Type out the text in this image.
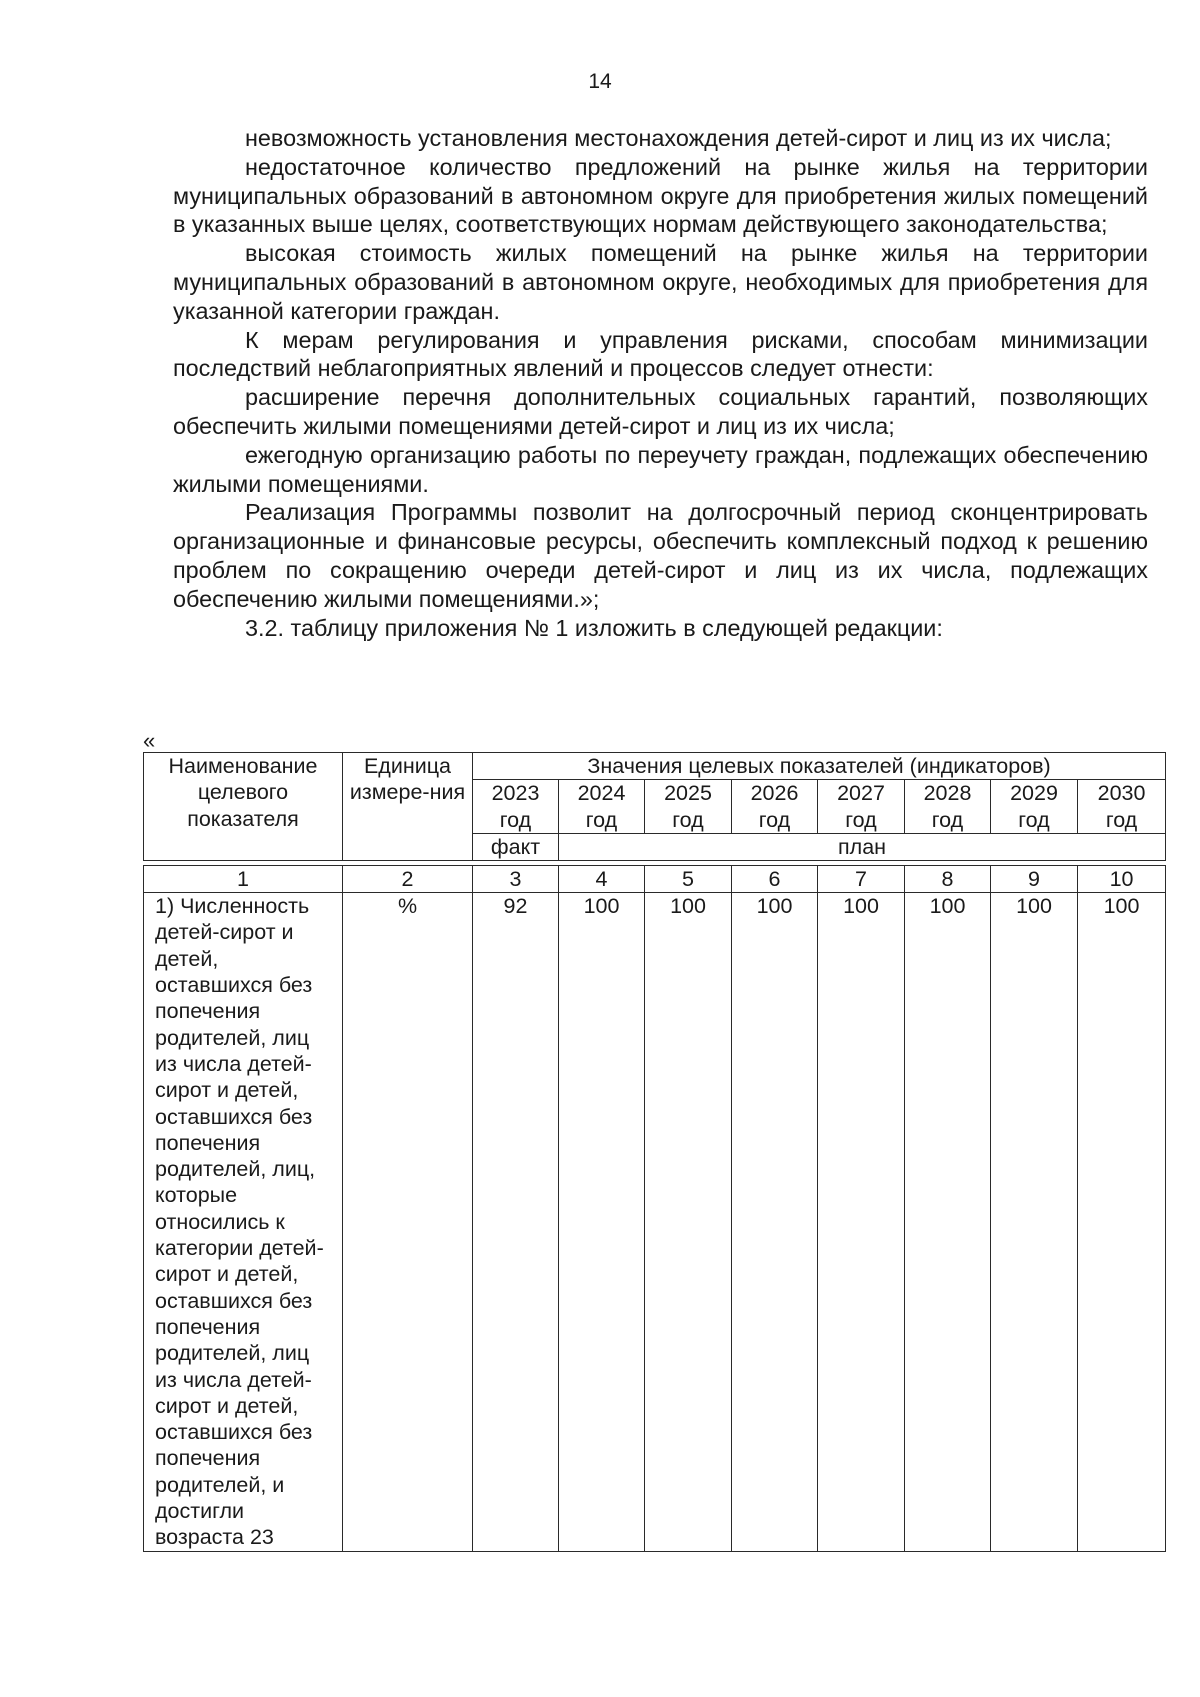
14

невозможность установления местонахождения детей-сирот и лиц из их числа;

недостаточное количество предложений на рынке жилья на территории муниципальных образований в автономном округе для приобретения жилых помещений в указанных выше целях, соответствующих нормам действующего законодательства;

высокая стоимость жилых помещений на рынке жилья на территории муниципальных образований в автономном округе, необходимых для приобретения для указанной категории граждан.

К мерам регулирования и управления рисками, способам минимизации последствий неблагоприятных явлений и процессов следует отнести:

расширение перечня дополнительных социальных гарантий, позволяющих обеспечить жилыми помещениями детей-сирот и лиц из их числа;

ежегодную организацию работы по переучету граждан, подлежащих обеспечению жилыми помещениями.

Реализация Программы позволит на долгосрочный период сконцентрировать организационные и финансовые ресурсы, обеспечить комплексный подход к решению проблем по сокращению очереди детей-сирот и лиц из их числа, подлежащих обеспечению жилыми помещениями.»;

3.2. таблицу приложения № 1 изложить в следующей редакции:

«
Наименование целевого показателя	Единица измере-ния	Значения целевых показателей (индикаторов)							
		2023 год	2024 год	2025 год	2026 год	2027 год	2028 год	2029 год	2030 год
		факт	план						

1	2	3	4	5	6	7	8	9	10
1) Численность детей-сирот и детей, оставшихся без попечения родителей, лиц из числа детей-сирот и детей, оставшихся без попечения родителей, лиц, которые относились к категории детей-сирот и детей, оставшихся без попечения родителей, лиц из числа детей-сирот и детей, оставшихся без попечения родителей, и достигли возраста 23	%	92	100	100	100	100	100	100	100
